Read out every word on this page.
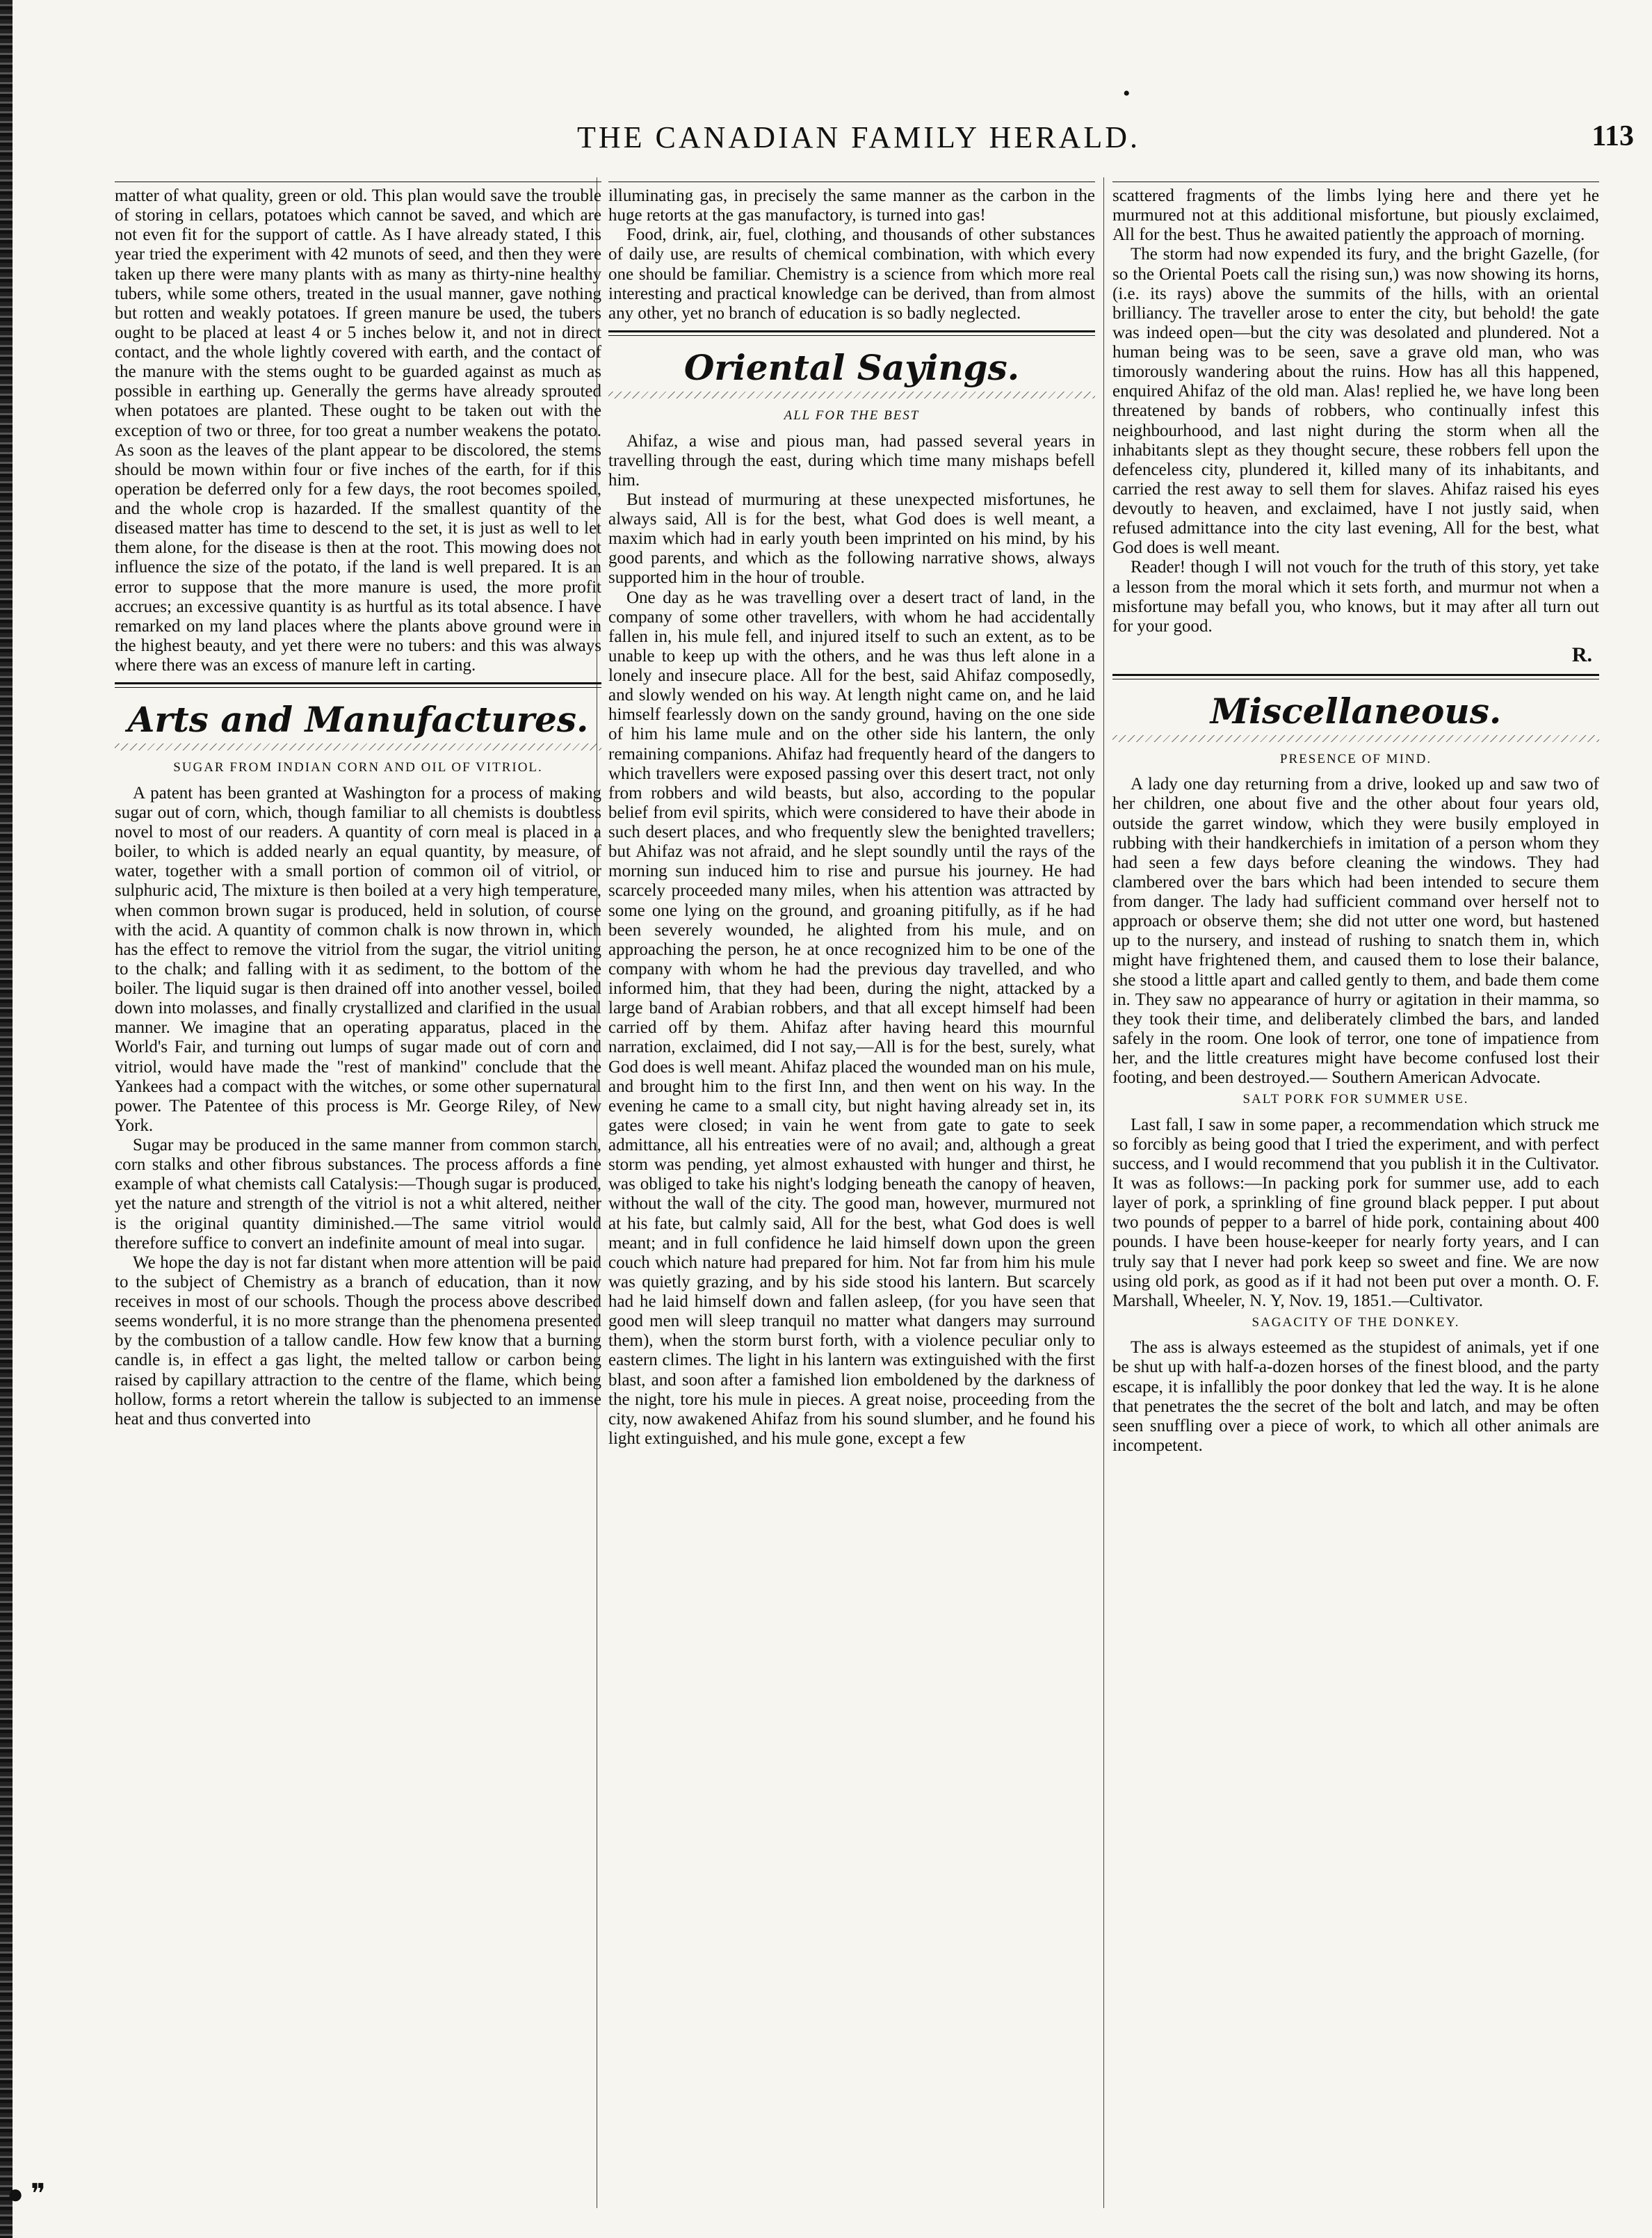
● ❞
•
THE CANADIAN FAMILY HERALD.	113

matter of what quality, green or old. This plan would save the trouble of storing in cellars, potatoes which cannot be saved, and which are not even fit for the support of cattle. As I have already stated, I this year tried the experiment with 42 munots of seed, and then they were taken up there were many plants with as many as thirty-nine healthy tubers, while some others, treated in the usual manner, gave nothing but rotten and weakly potatoes. If green manure be used, the tubers ought to be placed at least 4 or 5 inches below it, and not in direct contact, and the whole lightly covered with earth, and the contact of the manure with the stems ought to be guarded against as much as possible in earthing up. Generally the germs have already sprouted when potatoes are planted. These ought to be taken out with the exception of two or three, for too great a number weakens the potato. As soon as the leaves of the plant appear to be discolored, the stems should be mown within four or five inches of the earth, for if this operation be deferred only for a few days, the root becomes spoiled, and the whole crop is hazarded. If the smallest quantity of the diseased matter has time to descend to the set, it is just as well to let them alone, for the disease is then at the root. This mowing does not influence the size of the potato, if the land is well prepared. It is an error to suppose that the more manure is used, the more profit accrues; an excessive quantity is as hurtful as its total absence. I have remarked on my land places where the plants above ground were in the highest beauty, and yet there were no tubers: and this was always where there was an excess of manure left in carting.

Arts and Manufactures.
SUGAR FROM INDIAN CORN AND OIL OF VITRIOL.

A patent has been granted at Washington for a process of making sugar out of corn, which, though familiar to all chemists is doubtless novel to most of our readers. A quantity of corn meal is placed in a boiler, to which is added nearly an equal quantity, by measure, of water, together with a small portion of common oil of vitriol, or sulphuric acid, The mixture is then boiled at a very high temperature, when common brown sugar is produced, held in solution, of course with the acid. A quantity of common chalk is now thrown in, which has the effect to remove the vitriol from the sugar, the vitriol uniting to the chalk; and falling with it as sediment, to the bottom of the boiler. The liquid sugar is then drained off into another vessel, boiled down into molasses, and finally crystallized and clarified in the usual manner. We imagine that an operating apparatus, placed in the World's Fair, and turning out lumps of sugar made out of corn and vitriol, would have made the "rest of mankind" conclude that the Yankees had a compact with the witches, or some other supernatural power. The Patentee of this process is Mr. George Riley, of New York.

Sugar may be produced in the same manner from common starch, corn stalks and other fibrous substances. The process affords a fine example of what chemists call Catalysis:—Though sugar is produced, yet the nature and strength of the vitriol is not a whit altered, neither is the original quantity diminished.—The same vitriol would therefore suffice to convert an indefinite amount of meal into sugar.

We hope the day is not far distant when more attention will be paid to the subject of Chemistry as a branch of education, than it now receives in most of our schools. Though the process above described seems wonderful, it is no more strange than the phenomena presented by the combustion of a tallow candle. How few know that a burning candle is, in effect a gas light, the melted tallow or carbon being raised by capillary attraction to the centre of the flame, which being hollow, forms a retort wherein the tallow is subjected to an immense heat and thus converted into

illuminating gas, in precisely the same manner as the carbon in the huge retorts at the gas manufactory, is turned into gas!

Food, drink, air, fuel, clothing, and thousands of other substances of daily use, are results of chemical combination, with which every one should be familiar. Chemistry is a science from which more real interesting and practical knowledge can be derived, than from almost any other, yet no branch of education is so badly neglected.

Oriental Sayings.
ALL FOR THE BEST

Ahifaz, a wise and pious man, had passed several years in travelling through the east, during which time many mishaps befell him.

But instead of murmuring at these unexpected misfortunes, he always said, All is for the best, what God does is well meant, a maxim which had in early youth been imprinted on his mind, by his good parents, and which as the following narrative shows, always supported him in the hour of trouble.

One day as he was travelling over a desert tract of land, in the company of some other travellers, with whom he had accidentally fallen in, his mule fell, and injured itself to such an extent, as to be unable to keep up with the others, and he was thus left alone in a lonely and insecure place. All for the best, said Ahifaz composedly, and slowly wended on his way. At length night came on, and he laid himself fearlessly down on the sandy ground, having on the one side of him his lame mule and on the other side his lantern, the only remaining companions. Ahifaz had frequently heard of the dangers to which travellers were exposed passing over this desert tract, not only from robbers and wild beasts, but also, according to the popular belief from evil spirits, which were considered to have their abode in such desert places, and who frequently slew the benighted travellers; but Ahifaz was not afraid, and he slept soundly until the rays of the morning sun induced him to rise and pursue his journey. He had scarcely proceeded many miles, when his attention was attracted by some one lying on the ground, and groaning pitifully, as if he had been severely wounded, he alighted from his mule, and on approaching the person, he at once recognized him to be one of the company with whom he had the previous day travelled, and who informed him, that they had been, during the night, attacked by a large band of Arabian robbers, and that all except himself had been carried off by them. Ahifaz after having heard this mournful narration, exclaimed, did I not say,—All is for the best, surely, what God does is well meant. Ahifaz placed the wounded man on his mule, and brought him to the first Inn, and then went on his way. In the evening he came to a small city, but night having already set in, its gates were closed; in vain he went from gate to gate to seek admittance, all his entreaties were of no avail; and, although a great storm was pending, yet almost exhausted with hunger and thirst, he was obliged to take his night's lodging beneath the canopy of heaven, without the wall of the city. The good man, however, murmured not at his fate, but calmly said, All for the best, what God does is well meant; and in full confidence he laid himself down upon the green couch which nature had prepared for him. Not far from him his mule was quietly grazing, and by his side stood his lantern. But scarcely had he laid himself down and fallen asleep, (for you have seen that good men will sleep tranquil no matter what dangers may surround them), when the storm burst forth, with a violence peculiar only to eastern climes. The light in his lantern was extinguished with the first blast, and soon after a famished lion emboldened by the darkness of the night, tore his mule in pieces. A great noise, proceeding from the city, now awakened Ahifaz from his sound slumber, and he found his light extinguished, and his mule gone, except a few

scattered fragments of the limbs lying here and there yet he murmured not at this additional misfortune, but piously exclaimed, All for the best. Thus he awaited patiently the approach of morning.

The storm had now expended its fury, and the bright Gazelle, (for so the Oriental Poets call the rising sun,) was now showing its horns, (i.e. its rays) above the summits of the hills, with an oriental brilliancy. The traveller arose to enter the city, but behold! the gate was indeed open—but the city was desolated and plundered. Not a human being was to be seen, save a grave old man, who was timorously wandering about the ruins. How has all this happened, enquired Ahifaz of the old man. Alas! replied he, we have long been threatened by bands of robbers, who continually infest this neighbourhood, and last night during the storm when all the inhabitants slept as they thought secure, these robbers fell upon the defenceless city, plundered it, killed many of its inhabitants, and carried the rest away to sell them for slaves. Ahifaz raised his eyes devoutly to heaven, and exclaimed, have I not justly said, when refused admittance into the city last evening, All for the best, what God does is well meant.

Reader! though I will not vouch for the truth of this story, yet take a lesson from the moral which it sets forth, and murmur not when a misfortune may befall you, who knows, but it may after all turn out for your good.

R.
Miscellaneous.
PRESENCE OF MIND.

A lady one day returning from a drive, looked up and saw two of her children, one about five and the other about four years old, outside the garret window, which they were busily employed in rubbing with their handkerchiefs in imitation of a person whom they had seen a few days before cleaning the windows. They had clambered over the bars which had been intended to secure them from danger. The lady had sufficient command over herself not to approach or observe them; she did not utter one word, but hastened up to the nursery, and instead of rushing to snatch them in, which might have frightened them, and caused them to lose their balance, she stood a little apart and called gently to them, and bade them come in. They saw no appearance of hurry or agitation in their mamma, so they took their time, and deliberately climbed the bars, and landed safely in the room. One look of terror, one tone of impatience from her, and the little creatures might have become confused lost their footing, and been destroyed.— Southern American Advocate.

SALT PORK FOR SUMMER USE.

Last fall, I saw in some paper, a recommendation which struck me so forcibly as being good that I tried the experiment, and with perfect success, and I would recommend that you publish it in the Cultivator. It was as follows:—In packing pork for summer use, add to each layer of pork, a sprinkling of fine ground black pepper. I put about two pounds of pepper to a barrel of hide pork, containing about 400 pounds. I have been house-keeper for nearly forty years, and I can truly say that I never had pork keep so sweet and fine. We are now using old pork, as good as if it had not been put over a month. O. F. Marshall, Wheeler, N. Y, Nov. 19, 1851.—Cultivator.

SAGACITY OF THE DONKEY.

The ass is always esteemed as the stupidest of animals, yet if one be shut up with half-a-dozen horses of the finest blood, and the party escape, it is infallibly the poor donkey that led the way. It is he alone that penetrates the the secret of the bolt and latch, and may be often seen snuffling over a piece of work, to which all other animals are incompetent.
